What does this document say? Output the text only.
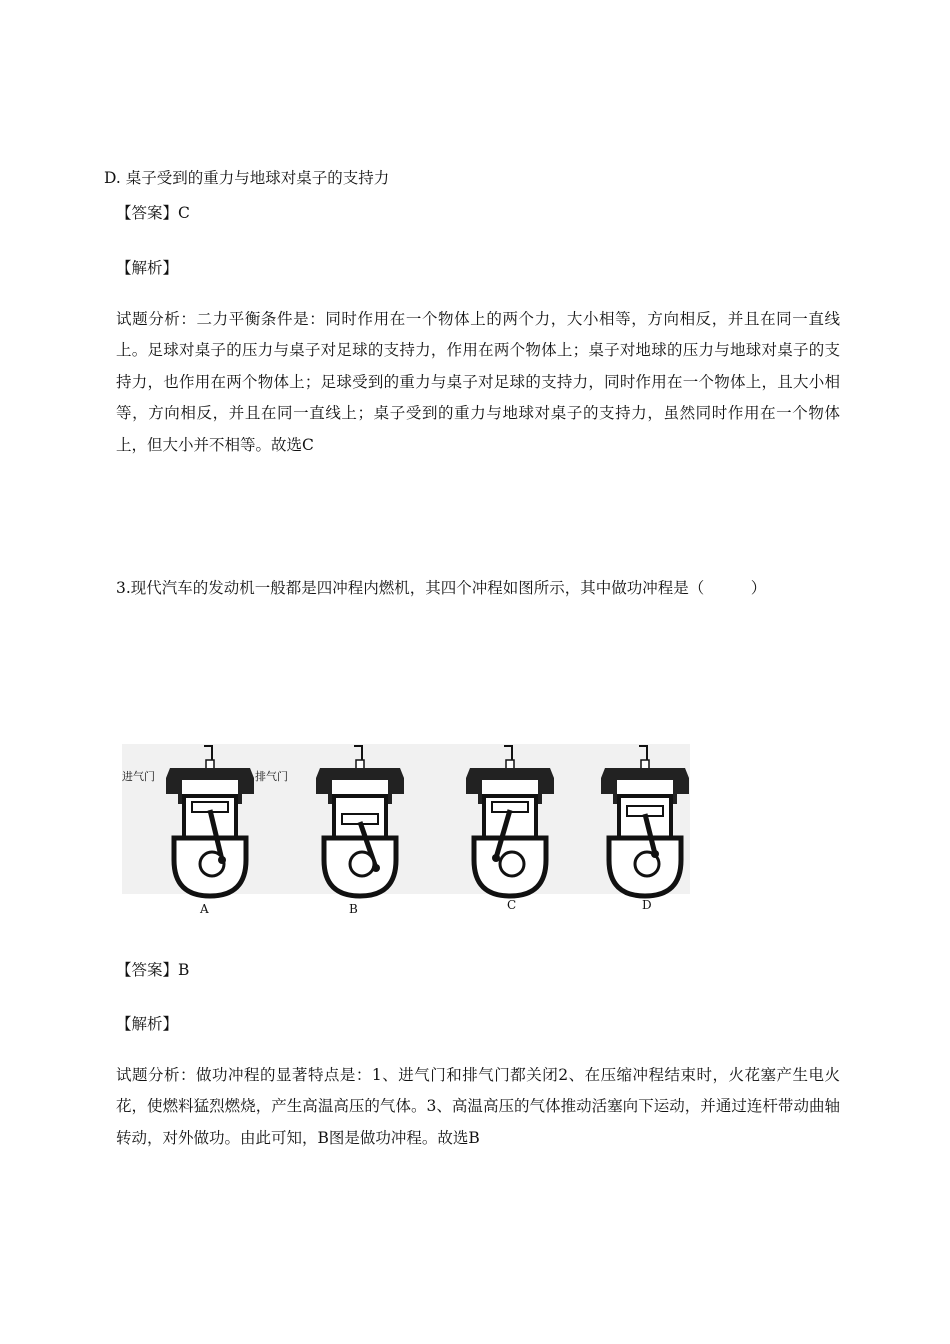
D. 桌子受到的重力与地球对桌子的支持力
【答案】C
【解析】
试题分析：二力平衡条件是：同时作用在一个物体上的两个力，大小相等，方向相反，并且在同一直线上。足球对桌子的压力与桌子对足球的支持力，作用在两个物体上；桌子对地球的压力与地球对桌子的支持力，也作用在两个物体上；足球受到的重力与桌子对足球的支持力，同时作用在一个物体上，且大小相等，方向相反，并且在同一直线上；桌子受到的重力与地球对桌子的支持力，虽然同时作用在一个物体上，但大小并不相等。故选C
3.现代汽车的发动机一般都是四冲程内燃机，其四个冲程如图所示，其中做功冲程是（　　　）
进气门	排气门
A	B	C	D
【答案】B
【解析】
试题分析：做功冲程的显著特点是：1、进气门和排气门都关闭2、在压缩冲程结束时，火花塞产生电火花，使燃料猛烈燃烧，产生高温高压的气体。3、高温高压的气体推动活塞向下运动，并通过连杆带动曲轴转动，对外做功。由此可知，B图是做功冲程。故选B
